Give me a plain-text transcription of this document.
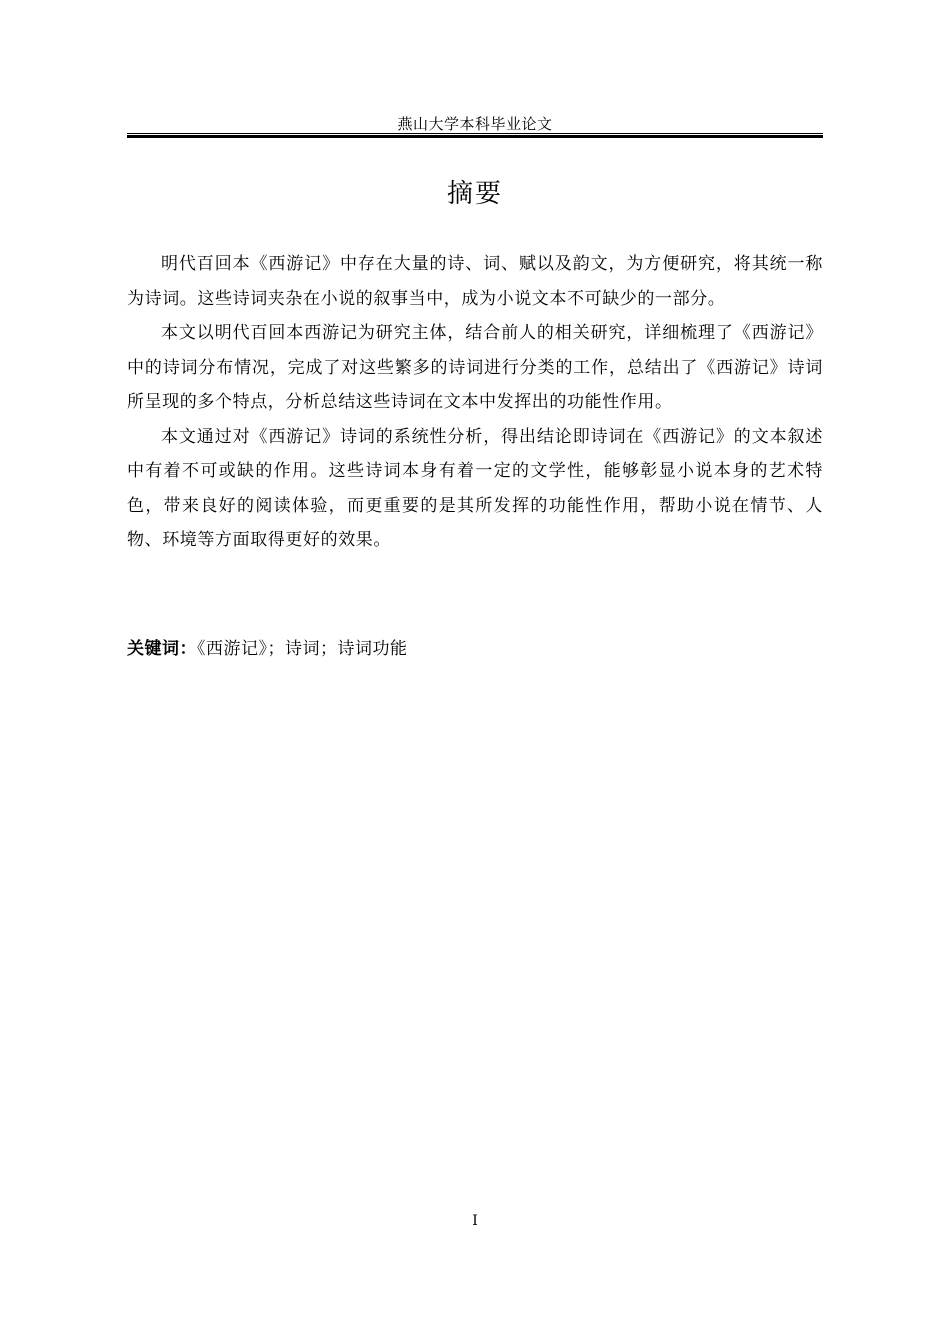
燕山大学本科毕业论文
摘要

明代百回本《西游记》中存在大量的诗、词、赋以及韵文，为方便研究，将其统一称为诗词。这些诗词夹杂在小说的叙事当中，成为小说文本不可缺少的一部分。

本文以明代百回本西游记为研究主体，结合前人的相关研究，详细梳理了《西游记》中的诗词分布情况，完成了对这些繁多的诗词进行分类的工作，总结出了《西游记》诗词所呈现的多个特点，分析总结这些诗词在文本中发挥出的功能性作用。

本文通过对《西游记》诗词的系统性分析，得出结论即诗词在《西游记》的文本叙述中有着不可或缺的作用。这些诗词本身有着一定的文学性，能够彰显小说本身的艺术特色，带来良好的阅读体验，而更重要的是其所发挥的功能性作用，帮助小说在情节、人物、环境等方面取得更好的效果。

关键词：《西游记》；诗词；诗词功能
I
